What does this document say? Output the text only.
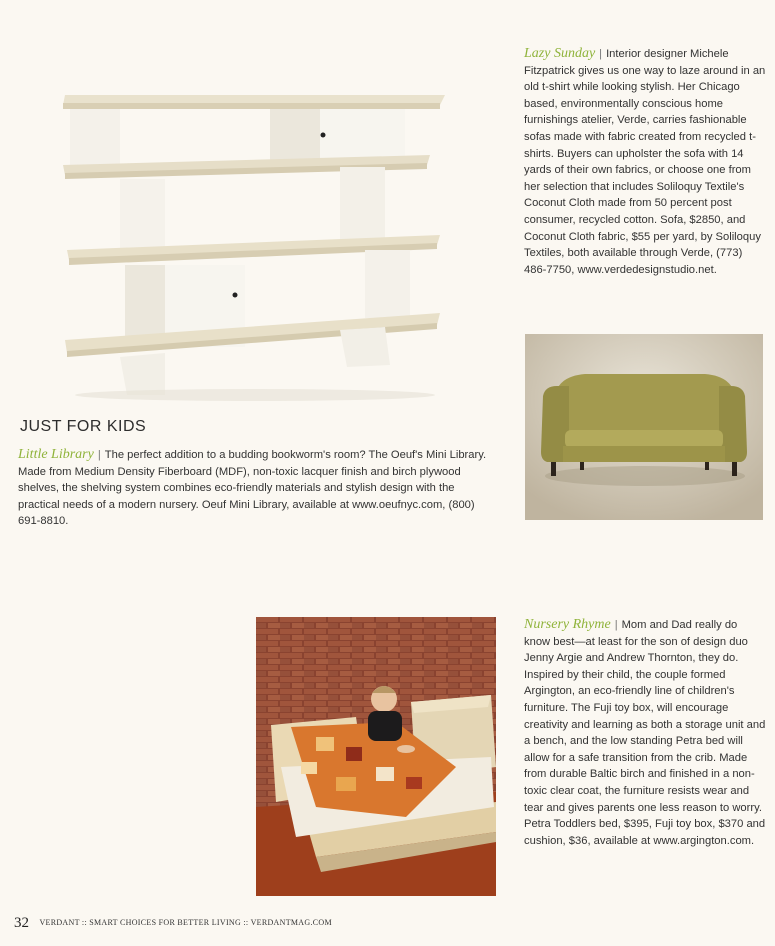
Lazy Sunday | Interior designer Michele Fitzpatrick gives us one way to laze around in an old t-shirt while looking stylish. Her Chicago based, environmentally conscious home furnishings atelier, Verde, carries fashionable sofas made with fabric created from recycled t-shirts. Buyers can upholster the sofa with 14 yards of their own fabrics, or choose one from her selection that includes Soliloquy Textile's Coconut Cloth made from 50 percent post consumer, recycled cotton. Sofa, $2850, and Coconut Cloth fabric, $55 per yard, by Soliloquy Textiles, both available through Verde, (773) 486-7750, www.verdedesignstudio.net.
JUST FOR KIDS
Little Library | The perfect addition to a budding bookworm's room? The Oeuf's Mini Library. Made from Medium Density Fiberboard (MDF), non-toxic lacquer finish and birch plywood shelves, the shelving system combines eco-friendly materials and stylish design with the practical needs of a modern nursery. Oeuf Mini Library, available at www.oeufnyc.com, (800) 691-8810.
Nursery Rhyme | Mom and Dad really do know best—at least for the son of design duo Jenny Argie and Andrew Thornton, they do. Inspired by their child, the couple formed Argington, an eco-friendly line of children's furniture. The Fuji toy box, will encourage creativity and learning as both a storage unit and a bench, and the low standing Petra bed will allow for a safe transition from the crib. Made from durable Baltic birch and finished in a non-toxic clear coat, the furniture resists wear and tear and gives parents one less reason to worry. Petra Toddlers bed, $395, Fuji toy box, $370 and cushion, $36, available at www.argington.com.
32 VERDANT :: SMART CHOICES FOR BETTER LIVING :: VERDANTMAG.COM
